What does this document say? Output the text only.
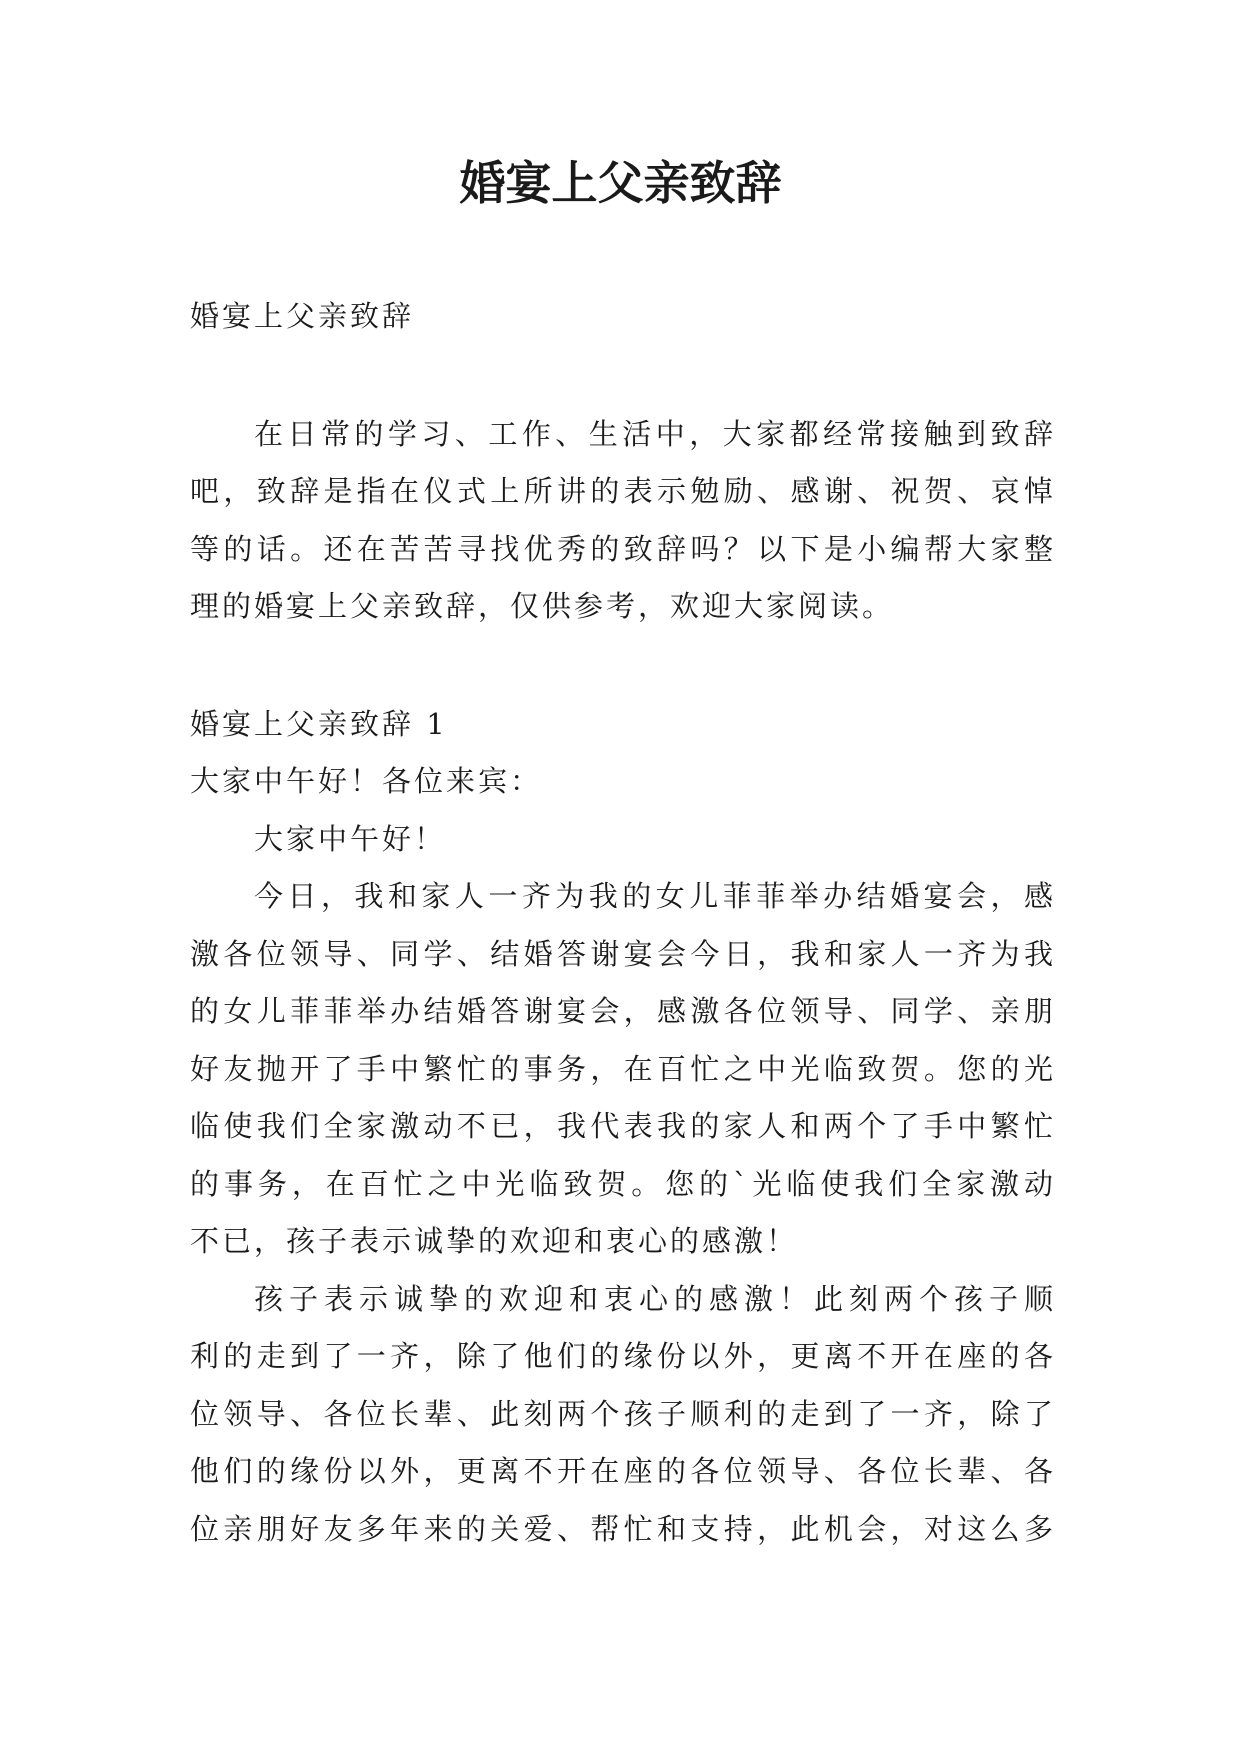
婚宴上父亲致辞

婚宴上父亲致辞

在日常的学习、工作、生活中，大家都经常接触到致辞

吧，致辞是指在仪式上所讲的表示勉励、感谢、祝贺、哀悼

等的话。还在苦苦寻找优秀的致辞吗？以下是小编帮大家整

理的婚宴上父亲致辞，仅供参考，欢迎大家阅读。

婚宴上父亲致辞 1

大家中午好！各位来宾：

大家中午好！

今日，我和家人一齐为我的女儿菲菲举办结婚宴会，感

激各位领导、同学、结婚答谢宴会今日，我和家人一齐为我

的女儿菲菲举办结婚答谢宴会，感激各位领导、同学、亲朋

好友抛开了手中繁忙的事务，在百忙之中光临致贺。您的光

临使我们全家激动不已，我代表我的家人和两个了手中繁忙

的事务，在百忙之中光临致贺。您的`光临使我们全家激动

不已，孩子表示诚挚的欢迎和衷心的感激！

孩子表示诚挚的欢迎和衷心的感激！此刻两个孩子顺

利的走到了一齐，除了他们的缘份以外，更离不开在座的各

位领导、各位长辈、此刻两个孩子顺利的走到了一齐，除了

他们的缘份以外，更离不开在座的各位领导、各位长辈、各

位亲朋好友多年来的关爱、帮忙和支持，此机会，对这么多
